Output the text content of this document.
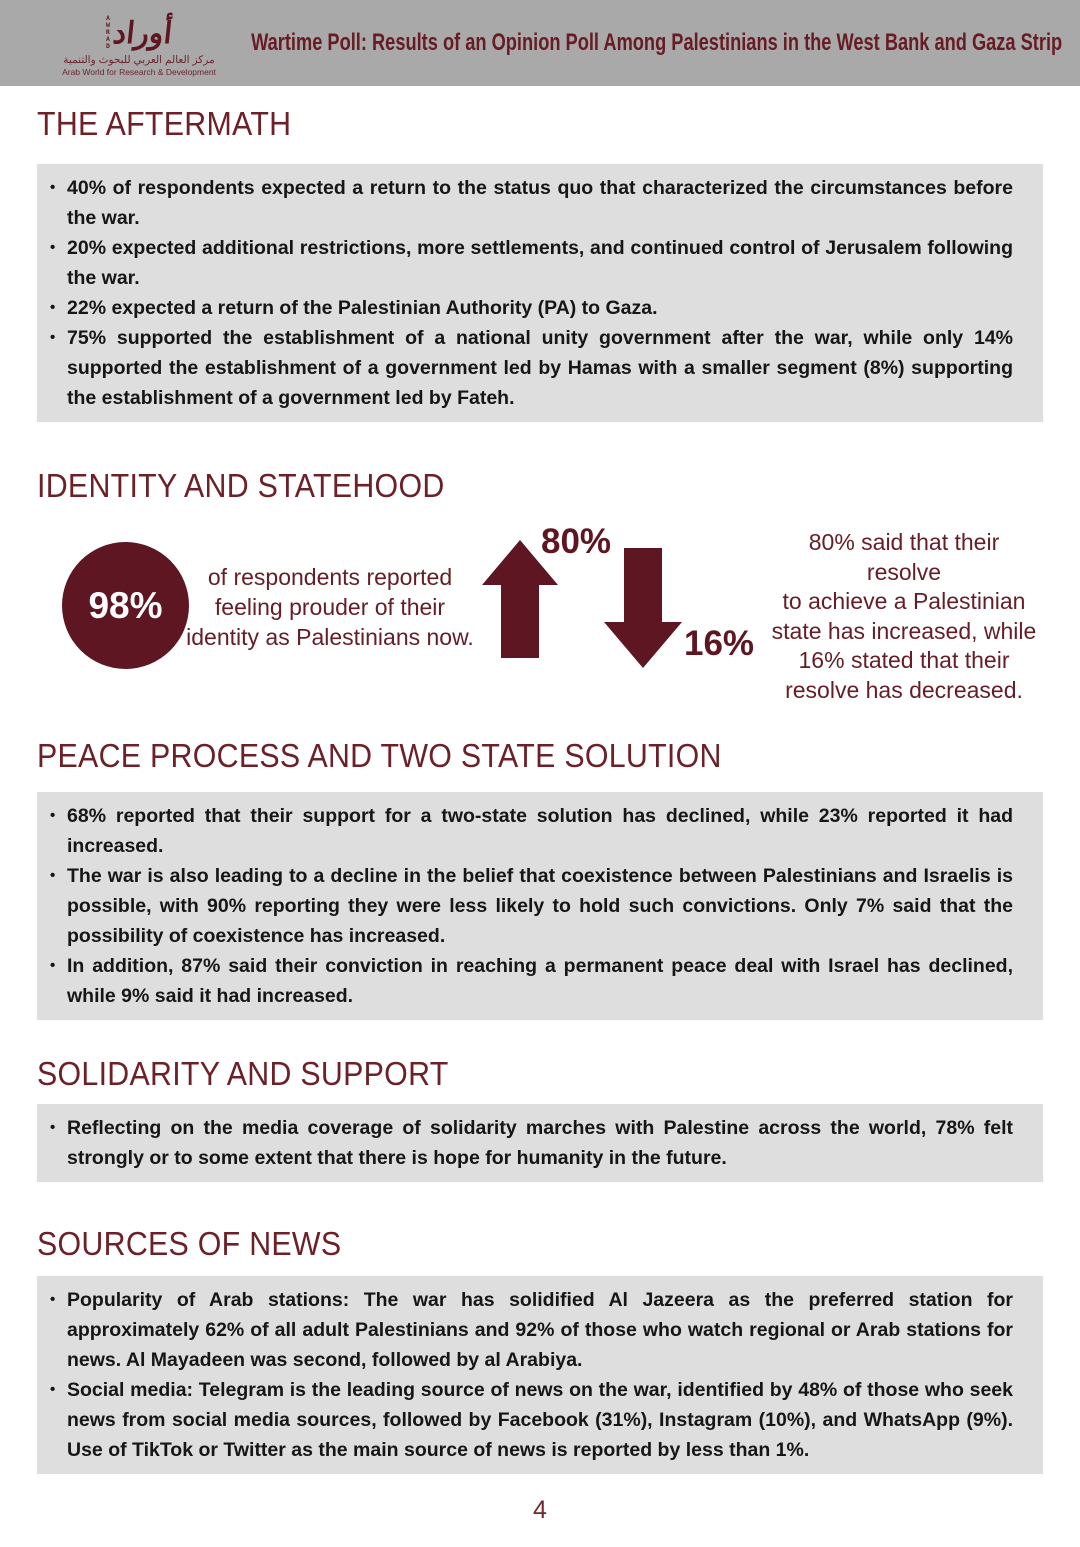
AWRAD أوراد
مركز العالم العربي للبحوث والتنمية
Arab World for Research & Development
Wartime Poll: Results of an Opinion Poll Among Palestinians in the West Bank and Gaza Strip
THE AFTERMATH
• 40% of respondents expected a return to the status quo that characterized the circumstances before the war.
• 20% expected additional restrictions, more settlements, and continued control of Jerusalem following the war.
• 22% expected a return of the Palestinian Authority (PA) to Gaza.
• 75% supported the establishment of a national unity government after the war, while only 14% supported the establishment of a government led by Hamas with a smaller segment (8%) supporting the establishment of a government led by Fateh.
IDENTITY AND STATEHOOD
98%
of respondents reported
feeling prouder of their
identity as Palestinians now.
80%
16%
80% said that their resolve
to achieve a Palestinian
state has increased, while
16% stated that their
resolve has decreased.
PEACE PROCESS AND TWO STATE SOLUTION
• 68% reported that their support for a two-state solution has declined, while 23% reported it had increased.
• The war is also leading to a decline in the belief that coexistence between Palestinians and Israelis is possible, with 90% reporting they were less likely to hold such convictions. Only 7% said that the possibility of coexistence has increased.
• In addition, 87% said their conviction in reaching a permanent peace deal with Israel has declined, while 9% said it had increased.
SOLIDARITY AND SUPPORT
• Reflecting on the media coverage of solidarity marches with Palestine across the world, 78% felt strongly or to some extent that there is hope for humanity in the future.
SOURCES OF NEWS
• Popularity of Arab stations: The war has solidified Al Jazeera as the preferred station for approximately 62% of all adult Palestinians and 92% of those who watch regional or Arab stations for news. Al Mayadeen was second, followed by al Arabiya.
• Social media: Telegram is the leading source of news on the war, identified by 48% of those who seek news from social media sources, followed by Facebook (31%), Instagram (10%), and WhatsApp (9%). Use of TikTok or Twitter as the main source of news is reported by less than 1%.
4
